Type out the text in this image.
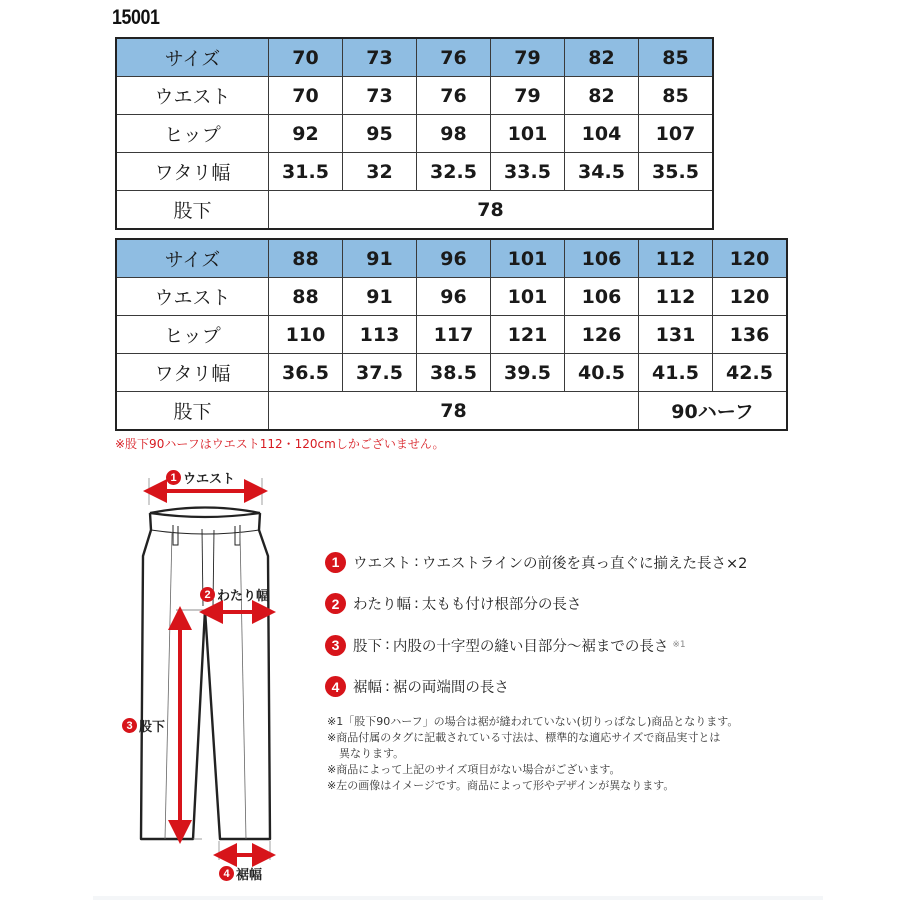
15001
サイズ	70	73	76	79	82	85
ウエスト	70	73	76	79	82	85
ヒップ	92	95	98	101	104	107
ワタリ幅	31.5	32	32.5	33.5	34.5	35.5
股下	78					
サイズ	88	91	96	101	106	112	120
ウエスト	88	91	96	101	106	112	120
ヒップ	110	113	117	121	126	131	136
ワタリ幅	36.5	37.5	38.5	39.5	40.5	41.5	42.5
股下	78					90ハーフ	
※股下90ハーフはウエスト112・120cmしかございません。
1 ウエスト
2 わたり幅
3 股下
4 裾幅
1 ウエスト : ウエストラインの前後を真っ直ぐに揃えた長さ×2
2 わたり幅 : 太もも付け根部分の長さ
3 股下 : 内股の十字型の縫い目部分〜裾までの長さ ※1
4 裾幅 : 裾の両端間の長さ
※1「股下90ハーフ」の場合は裾が縫われていない(切りっぱなし)商品となります。
※商品付属のタグに記載されている寸法は、標準的な適応サイズで商品実寸とは
異なります。
※商品によって上記のサイズ項目がない場合がございます。
※左の画像はイメージです。商品によって形やデザインが異なります。
